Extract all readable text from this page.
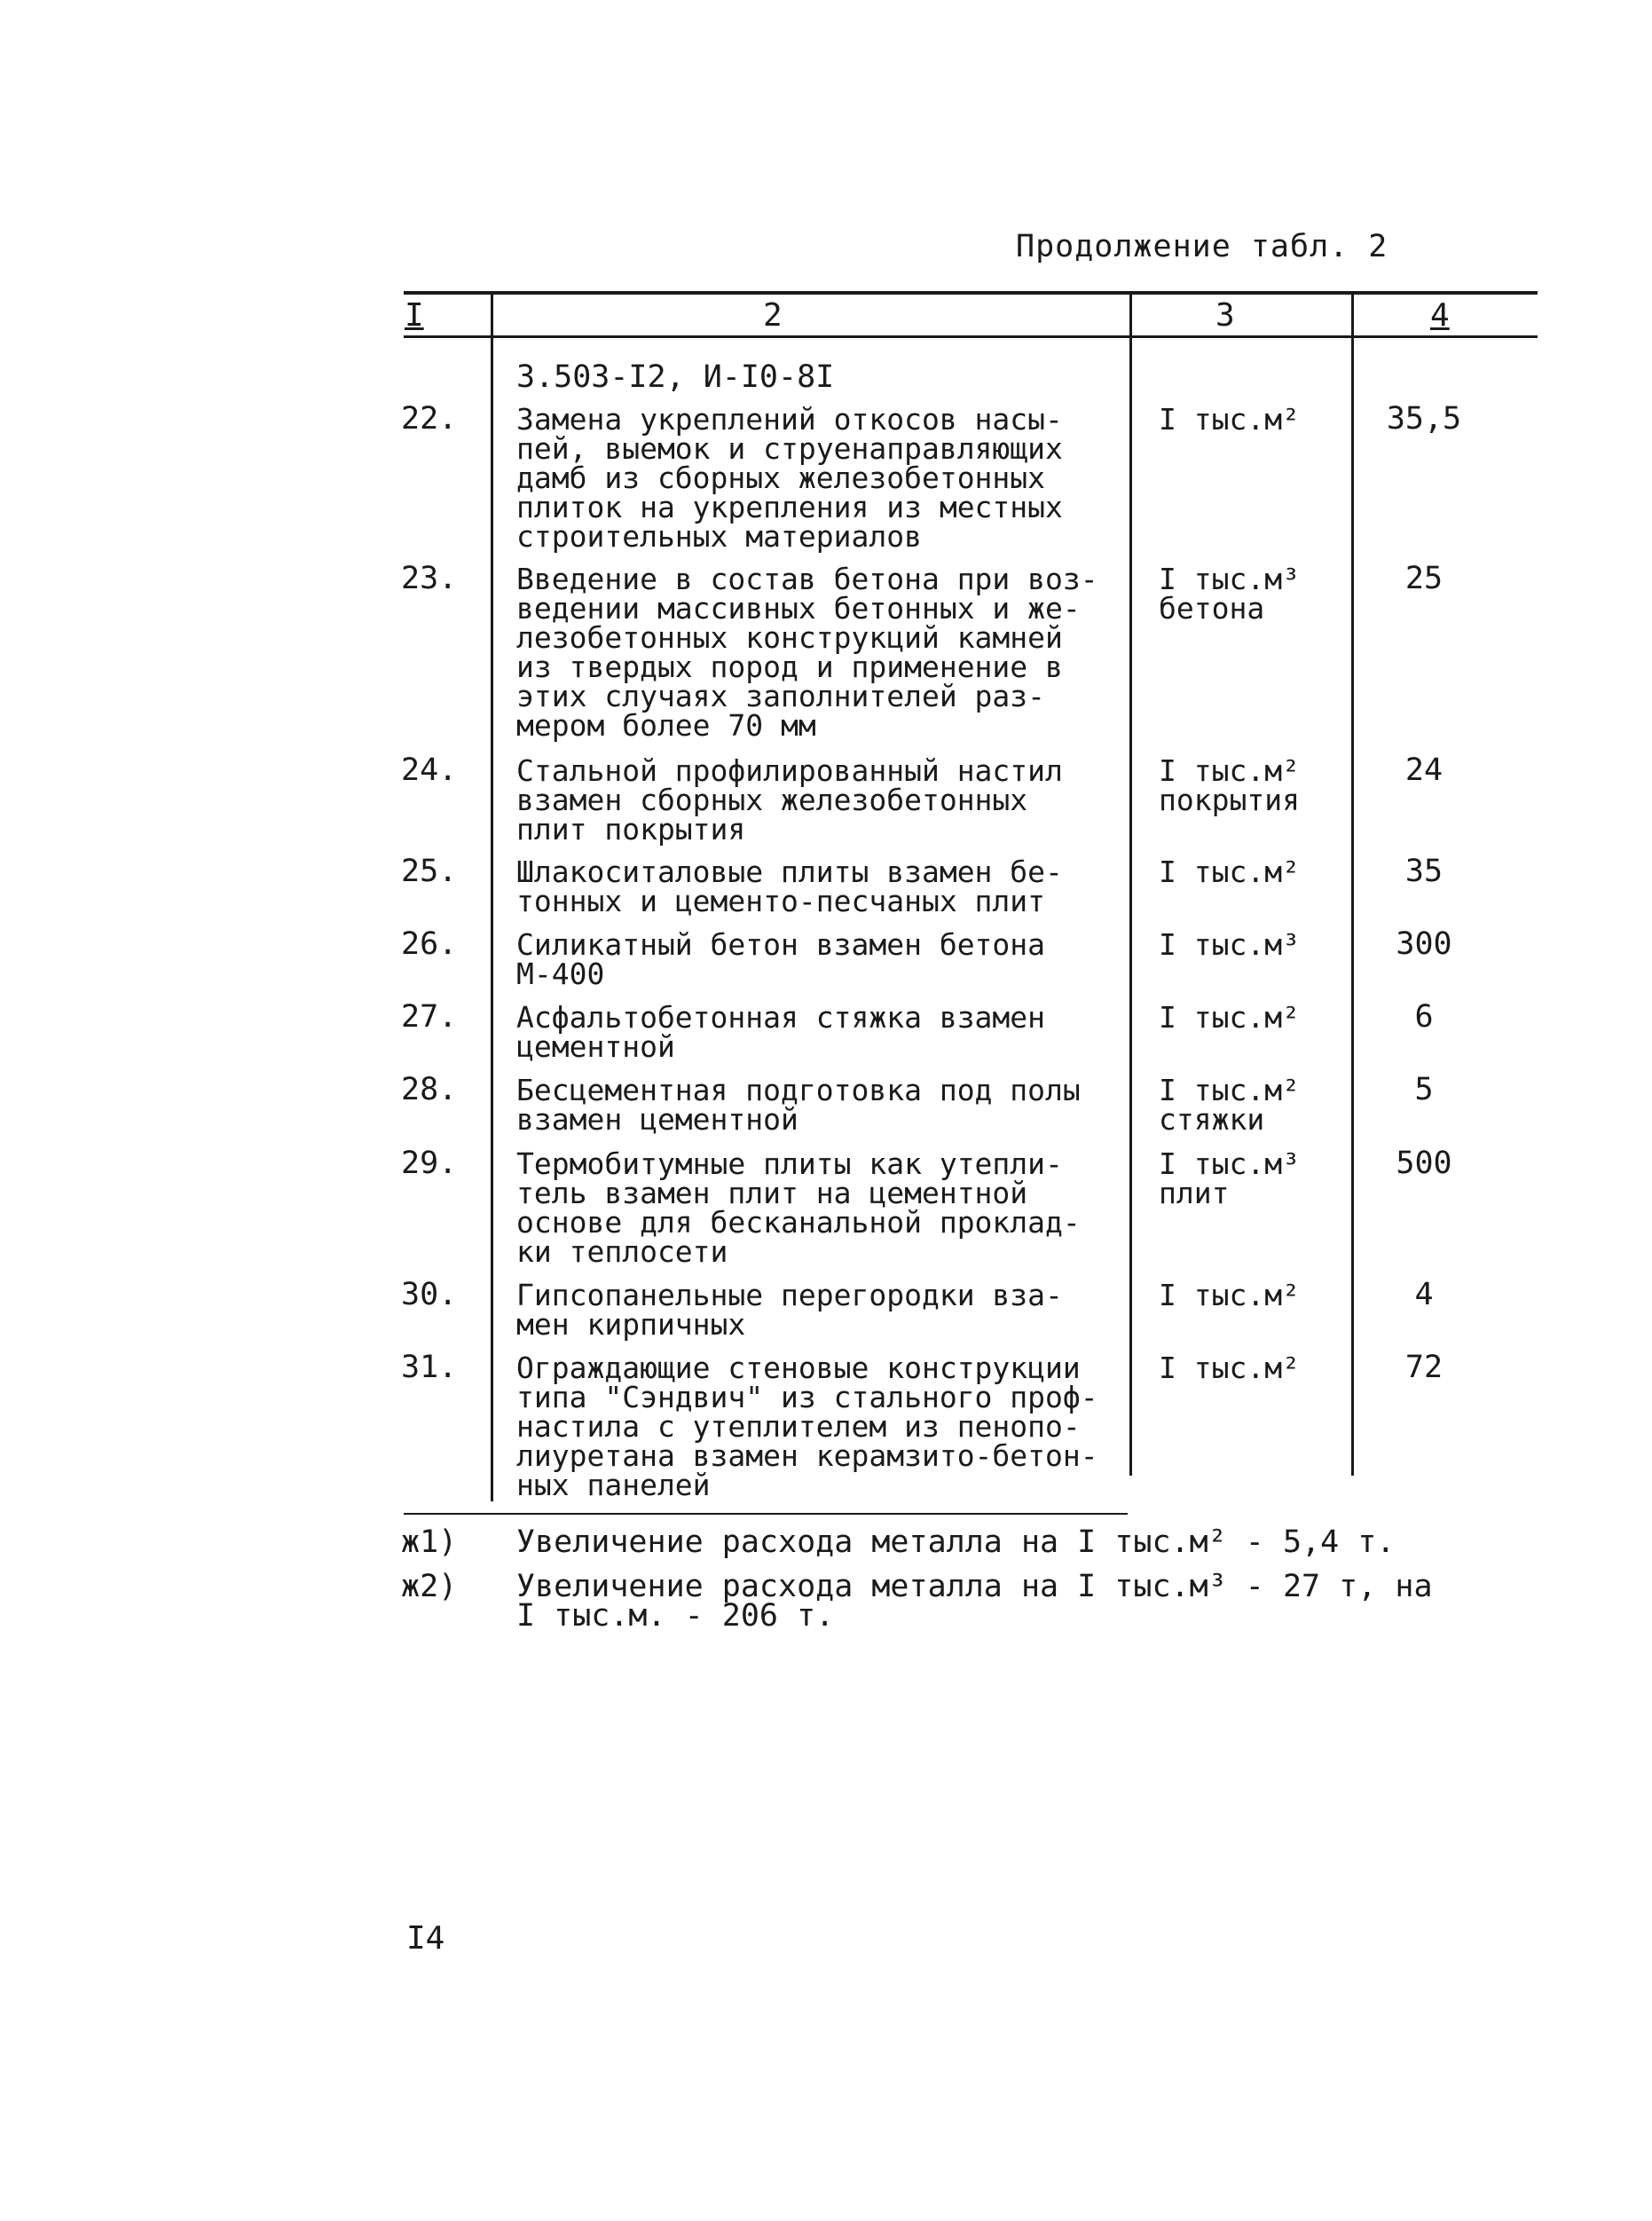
Продолжение табл. 2
I	2	3	4
3.503-I2, И-I0-8I
22. Замена укреплений откосов насы-
пей, выемок и струенаправляющих
дамб из сборных железобетонных
плиток на укрепления из местных
строительных материалов
I тыс.м²	35,5
23. Введение в состав бетона при воз-
ведении массивных бетонных и же-
лезобетонных конструкций камней
из твердых пород и применение в
этих случаях заполнителей раз-
мером более 70 мм
I тыс.м³
бетона
25
24. Стальной профилированный настил
взамен сборных железобетонных
плит покрытия
I тыс.м²
покрытия
24
25. Шлакоситаловые плиты взамен бе-
тонных и цементо-песчаных плит
I тыс.м²	35
26. Силикатный бетон взамен бетона
М-400
I тыс.м³	300
27. Асфальтобетонная стяжка взамен
цементной
I тыс.м²	6
28. Бесцементная подготовка под полы
взамен цементной
I тыс.м²
стяжки
5
29. Термобитумные плиты как утепли-
тель взамен плит на цементной
основе для бесканальной проклад-
ки теплосети
I тыс.м³
плит
500
30. Гипсопанельные перегородки вза-
мен кирпичных
I тыс.м²	4
31. Ограждающие стеновые конструкции
типа "Сэндвич" из стального проф-
настила с утеплителем из пенопо-
лиуретана взамен керамзито-бетон-
ных панелей
I тыс.м²	72
ж1) Увеличение расхода металла на I тыс.м² - 5,4 т.
ж2) Увеличение расхода металла на I тыс.м³ - 27 т, на
I тыс.м. - 206 т.
I4
